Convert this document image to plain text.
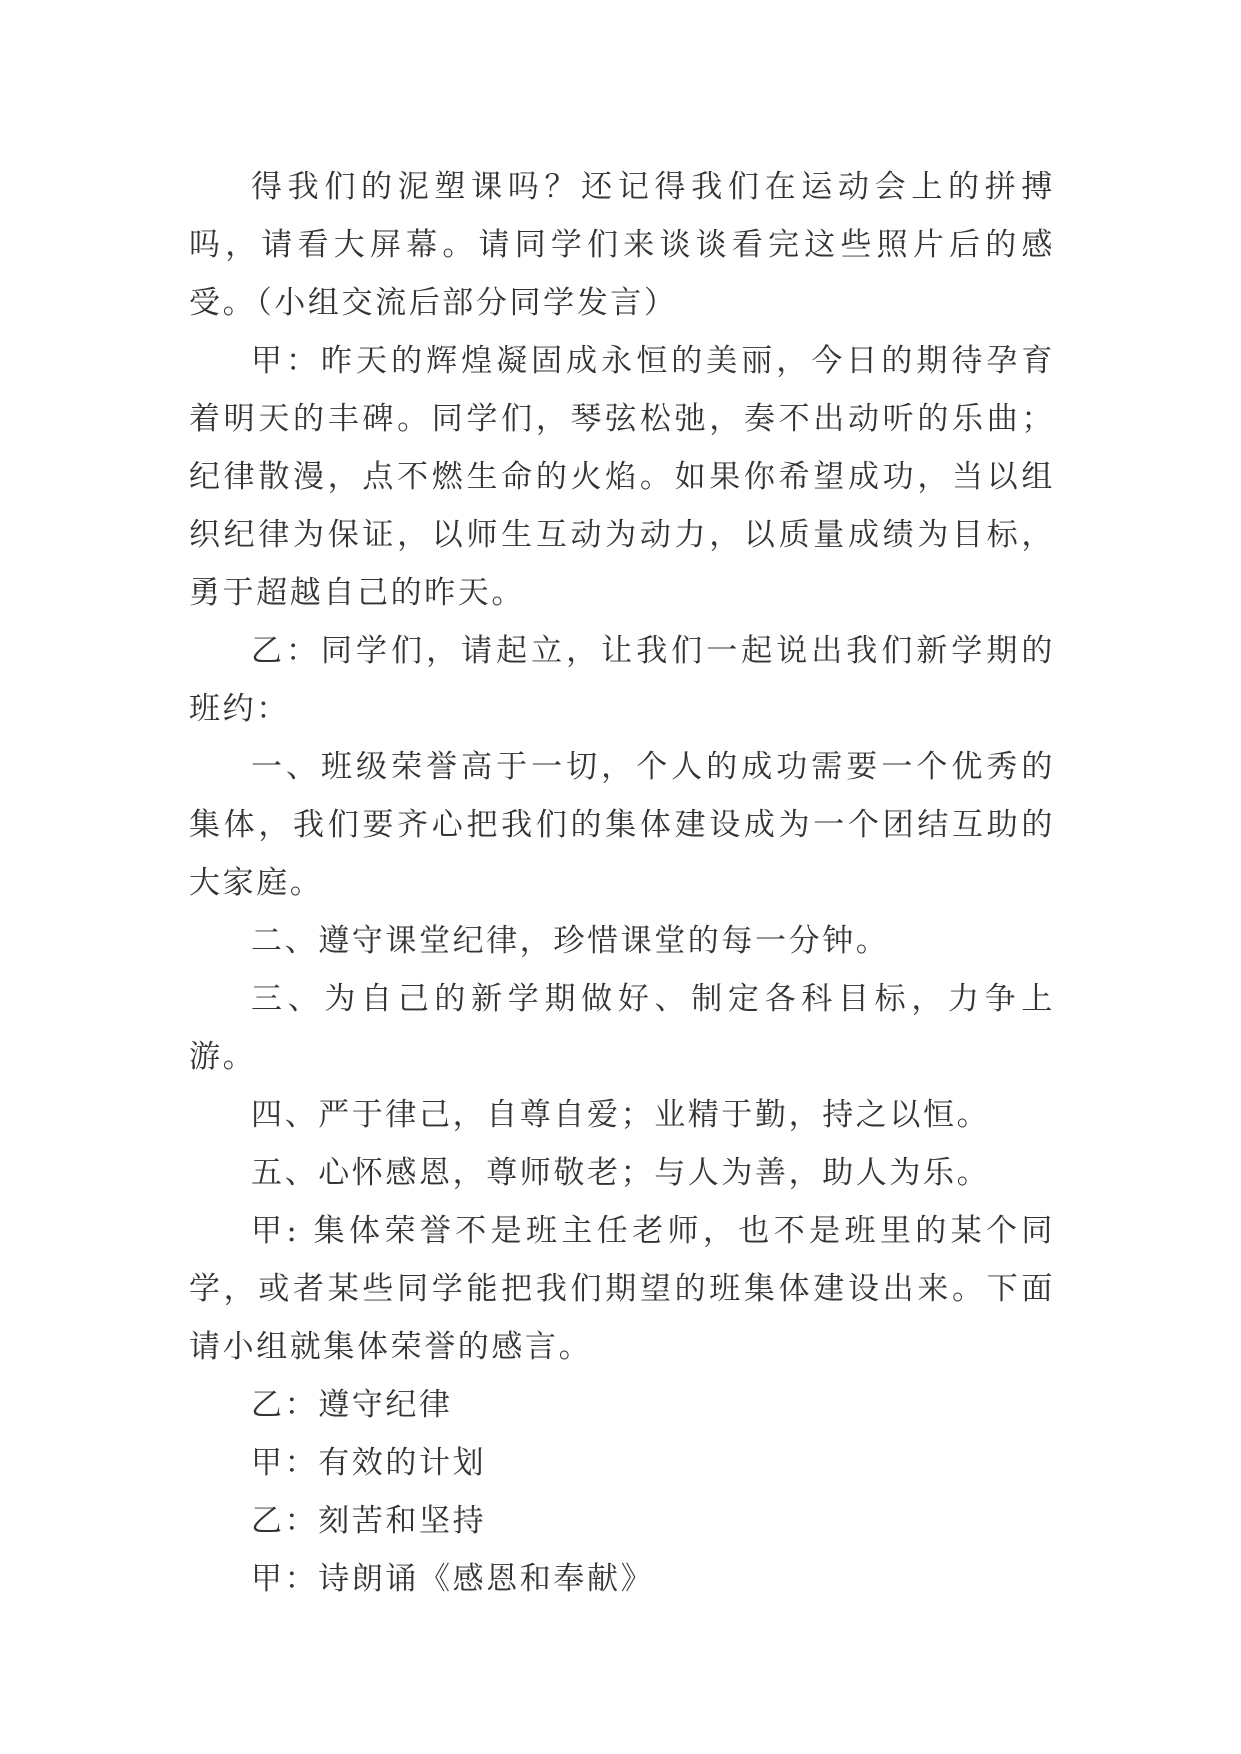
得我们的泥塑课吗？还记得我们在运动会上的拼搏吗，请看大屏幕。请同学们来谈谈看完这些照片后的感受。（小组交流后部分同学发言）

甲：昨天的辉煌凝固成永恒的美丽，今日的期待孕育着明天的丰碑。同学们，琴弦松弛，奏不出动听的乐曲；纪律散漫，点不燃生命的火焰。如果你希望成功，当以组织纪律为保证，以师生互动为动力，以质量成绩为目标，勇于超越自己的昨天。

乙：同学们，请起立，让我们一起说出我们新学期的班约：

一、班级荣誉高于一切，个人的成功需要一个优秀的集体，我们要齐心把我们的集体建设成为一个团结互助的大家庭。

二、遵守课堂纪律，珍惜课堂的每一分钟。

三、为自己的新学期做好、制定各科目标，力争上游。

四、严于律己，自尊自爱；业精于勤，持之以恒。

五、心怀感恩，尊师敬老；与人为善，助人为乐。

甲: 集体荣誉不是班主任老师，也不是班里的某个同学，或者某些同学能把我们期望的班集体建设出来。下面请小组就集体荣誉的感言。

乙：遵守纪律

甲：有效的计划

乙：刻苦和坚持

甲：诗朗诵《感恩和奉献》
